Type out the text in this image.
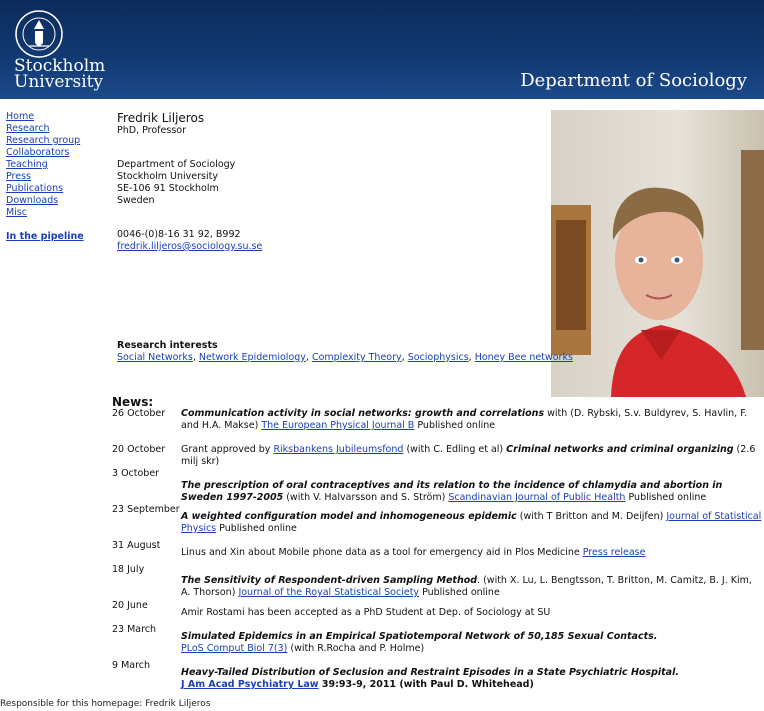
Stockholm
University	Department of Sociology
Home
Research
Research group
Collaborators
Teaching
Press
Publications
Downloads
Misc
In the pipeline
Fredrik Liljeros
PhD, Professor
Department of Sociology
Stockholm University
SE-106 91 Stockholm
Sweden
0046-(0)8-16 31 92, B992
fredrik.liljeros@sociology.su.se
Research interests
Social Networks, Network Epidemiology, Complexity Theory, Sociophysics, Honey Bee networks
News:
26 October	Communication activity in social networks: growth and correlations with (D. Rybski, S.v. Buldyrev, S. Havlin, F. and H.A. Makse) The European Physical Journal B Published online
20 October	Grant approved by Riksbankens Jubileumsfond (with C. Edling et al) Criminal networks and criminal organizing (2.6 milj skr)
3 October
The prescription of oral contraceptives and its relation to the incidence of chlamydia and abortion in Sweden 1997-2005 (with V. Halvarsson and S. Ström) Scandinavian Journal of Public Health Published online
23 September
A weighted configuration model and inhomogeneous epidemic (with T Britton and M. Deijfen) Journal of Statistical Physics Published online
31 August
Linus and Xin about Mobile phone data as a tool for emergency aid in Plos Medicine Press release
18 July
The Sensitivity of Respondent-driven Sampling Method. (with X. Lu, L. Bengtsson, T. Britton, M. Camitz, B. J. Kim, A. Thorson) Journal of the Royal Statistical Society Published online
20 June
Amir Rostami has been accepted as a PhD Student at Dep. of Sociology at SU
23 March
Simulated Epidemics in an Empirical Spatiotemporal Network of 50,185 Sexual Contacts.
PLoS Comput Biol 7(3) (with R.Rocha and P. Holme)
9 March
Heavy-Tailed Distribution of Seclusion and Restraint Episodes in a State Psychiatric Hospital.
J Am Acad Psychiatry Law 39:93-9, 2011 (with Paul D. Whitehead)
Responsible for this homepage: Fredrik Liljeros
